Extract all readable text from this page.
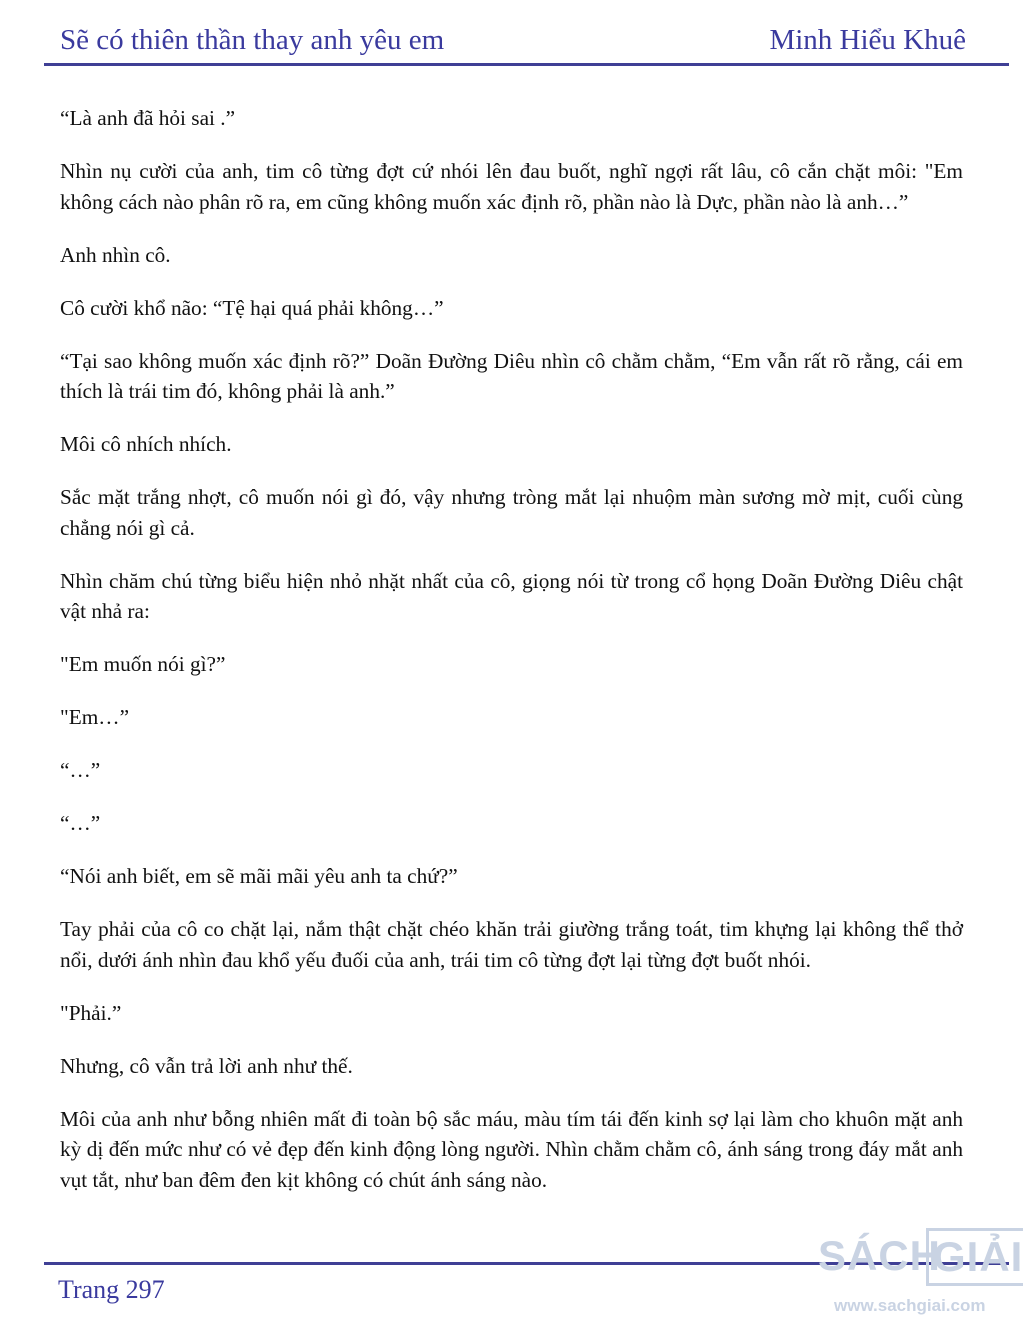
Sẽ có thiên thần thay anh yêu em	Minh Hiểu Khuê

“Là anh đã hỏi sai .”

Nhìn nụ cười của anh, tim cô từng đợt cứ nhói lên đau buốt, nghĩ ngợi rất lâu, cô cắn chặt môi: "Em không cách nào phân rõ ra, em cũng không muốn xác định rõ, phần nào là Dực, phần nào là anh…”

Anh nhìn cô.

Cô cười khổ não: “Tệ hại quá phải không…”

“Tại sao không muốn xác định rõ?” Doãn Đường Diêu nhìn cô chằm chằm, “Em vẫn rất rõ rằng, cái em thích là trái tim đó, không phải là anh.”

Môi cô nhích nhích.

Sắc mặt trắng nhợt, cô muốn nói gì đó, vậy nhưng tròng mắt lại nhuộm màn sương mờ mịt, cuối cùng chẳng nói gì cả.

Nhìn chăm chú từng biểu hiện nhỏ nhặt nhất của cô, giọng nói từ trong cổ họng Doãn Đường Diêu chật vật nhả ra:

"Em muốn nói gì?”

"Em…”

“…”

“…”

“Nói anh biết, em sẽ mãi mãi yêu anh ta chứ?”

Tay phải của cô co chặt lại, nắm thật chặt chéo khăn trải giường trắng toát, tim khựng lại không thể thở nổi, dưới ánh nhìn đau khổ yếu đuối của anh, trái tim cô từng đợt lại từng đợt buốt nhói.

"Phải.”

Nhưng, cô vẫn trả lời anh như thế.

Môi của anh như bỗng nhiên mất đi toàn bộ sắc máu, màu tím tái đến kinh sợ lại làm cho khuôn mặt anh kỳ dị đến mức như có vẻ đẹp đến kinh động lòng người. Nhìn chằm chằm cô, ánh sáng trong đáy mắt anh vụt tắt, như ban đêm đen kịt không có chút ánh sáng nào.

Trang 297
SÁCH
GIẢI
www.sachgiai.com
